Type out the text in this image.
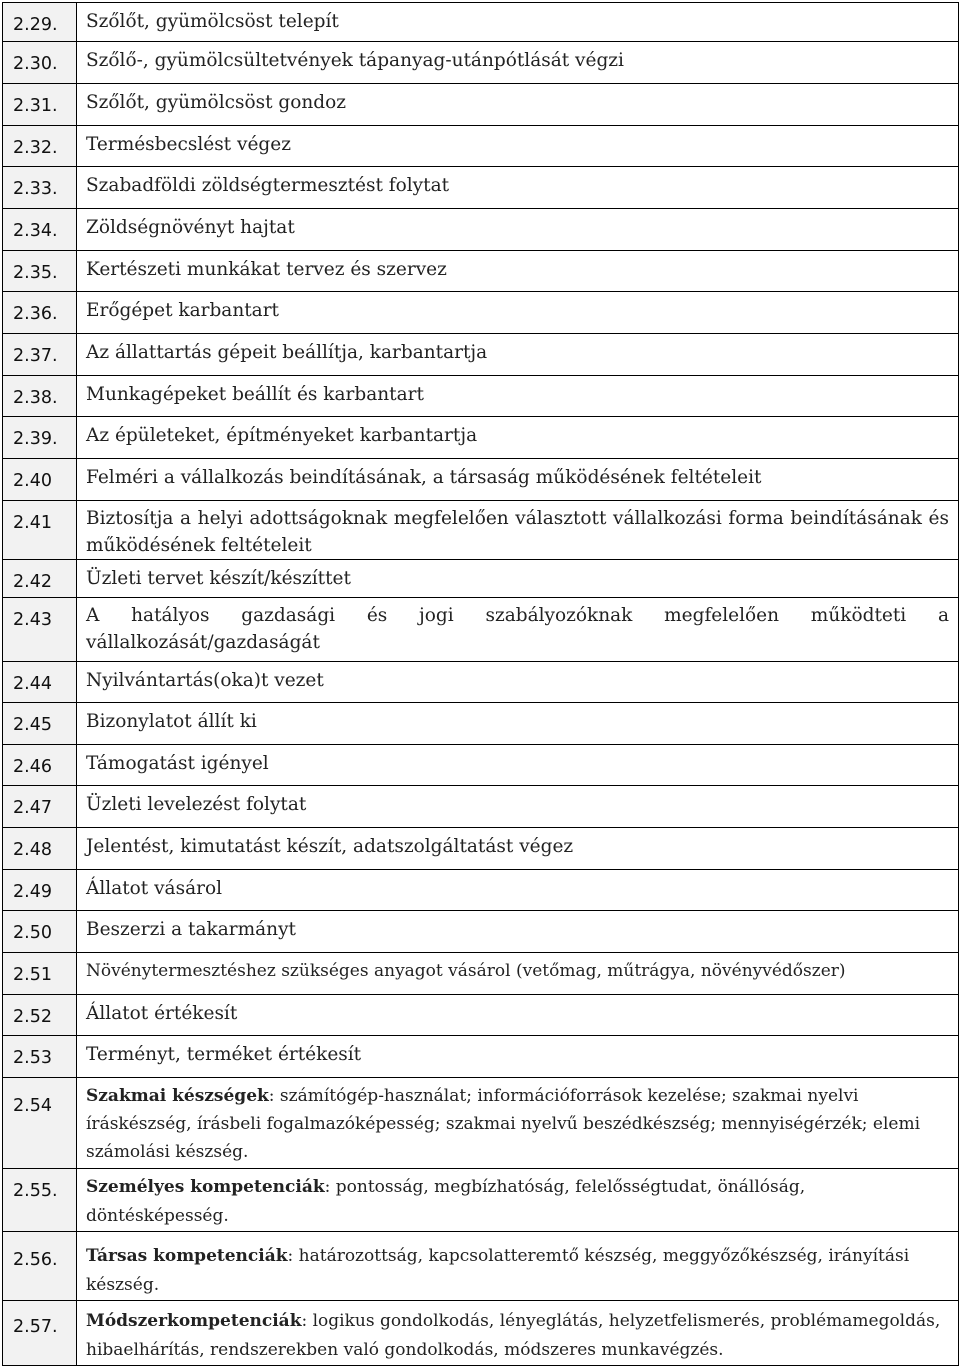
2.29.	Szőlőt, gyümölcsöst telepít
2.30.	Szőlő-, gyümölcsültetvények tápanyag-utánpótlását végzi
2.31.	Szőlőt, gyümölcsöst gondoz
2.32.	Termésbecslést végez
2.33.	Szabadföldi zöldségtermesztést folytat
2.34.	Zöldségnövényt hajtat
2.35.	Kertészeti munkákat tervez és szervez
2.36.	Erőgépet karbantart
2.37.	Az állattartás gépeit beállítja, karbantartja
2.38.	Munkagépeket beállít és karbantart
2.39.	Az épületeket, építményeket karbantartja
2.40	Felméri a vállalkozás beindításának, a társaság működésének feltételeit
2.41	Biztosítja a helyi adottságoknak megfelelően választott vállalkozási forma beindításának és működésének feltételeit
2.42	Üzleti tervet készít/készíttet
2.43	A hatályos gazdasági és jogi szabályozóknak megfelelően működteti a
vállalkozását/gazdaságát

2.44	Nyilvántartás(oka)t vezet
2.45	Bizonylatot állít ki
2.46	Támogatást igényel
2.47	Üzleti levelezést folytat
2.48	Jelentést, kimutatást készít, adatszolgáltatást végez
2.49	Állatot vásárol
2.50	Beszerzi a takarmányt
2.51	Növénytermesztéshez szükséges anyagot vásárol (vetőmag, műtrágya, növényvédőszer)
2.52	Állatot értékesít
2.53	Terményt, terméket értékesít
2.54	Szakmai készségek: számítógép-használat; információforrások kezelése; szakmai nyelvi íráskészség, írásbeli fogalmazóképesség; szakmai nyelvű beszédkészség; mennyiségérzék; elemi számolási készség.
2.55.	Személyes kompetenciák: pontosság, megbízhatóság, felelősségtudat, önállóság, döntésképesség.
2.56.	Társas kompetenciák: határozottság, kapcsolatteremtő készség, meggyőzőkészség, irányítási készség.
2.57.	Módszerkompetenciák: logikus gondolkodás, lényeglátás, helyzetfelismerés, problémamegoldás, hibaelhárítás, rendszerekben való gondolkodás, módszeres munkavégzés.
